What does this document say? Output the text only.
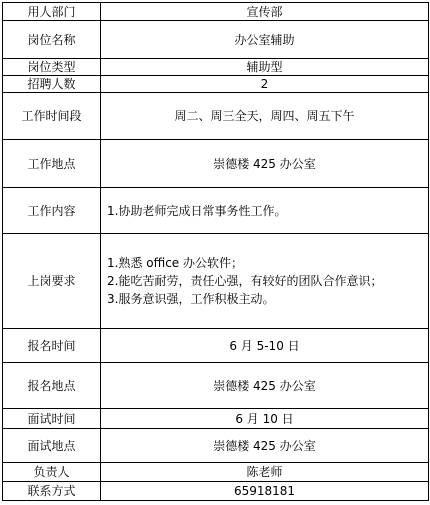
用人部门	宣传部
岗位名称	办公室辅助
岗位类型	辅助型
招聘人数	2
工作时间段	周二、周三全天，周四、周五下午
工作地点	崇德楼 425 办公室
工作内容	1.协助老师完成日常事务性工作。
上岗要求	1.熟悉 office 办公软件；
2.能吃苦耐劳，责任心强，有较好的团队合作意识；
3.服务意识强，工作积极主动。

报名时间	6 月 5-10 日
报名地点	崇德楼 425 办公室
面试时间	6 月 10 日
面试地点	崇德楼 425 办公室
负责人	陈老师
联系方式	65918181
